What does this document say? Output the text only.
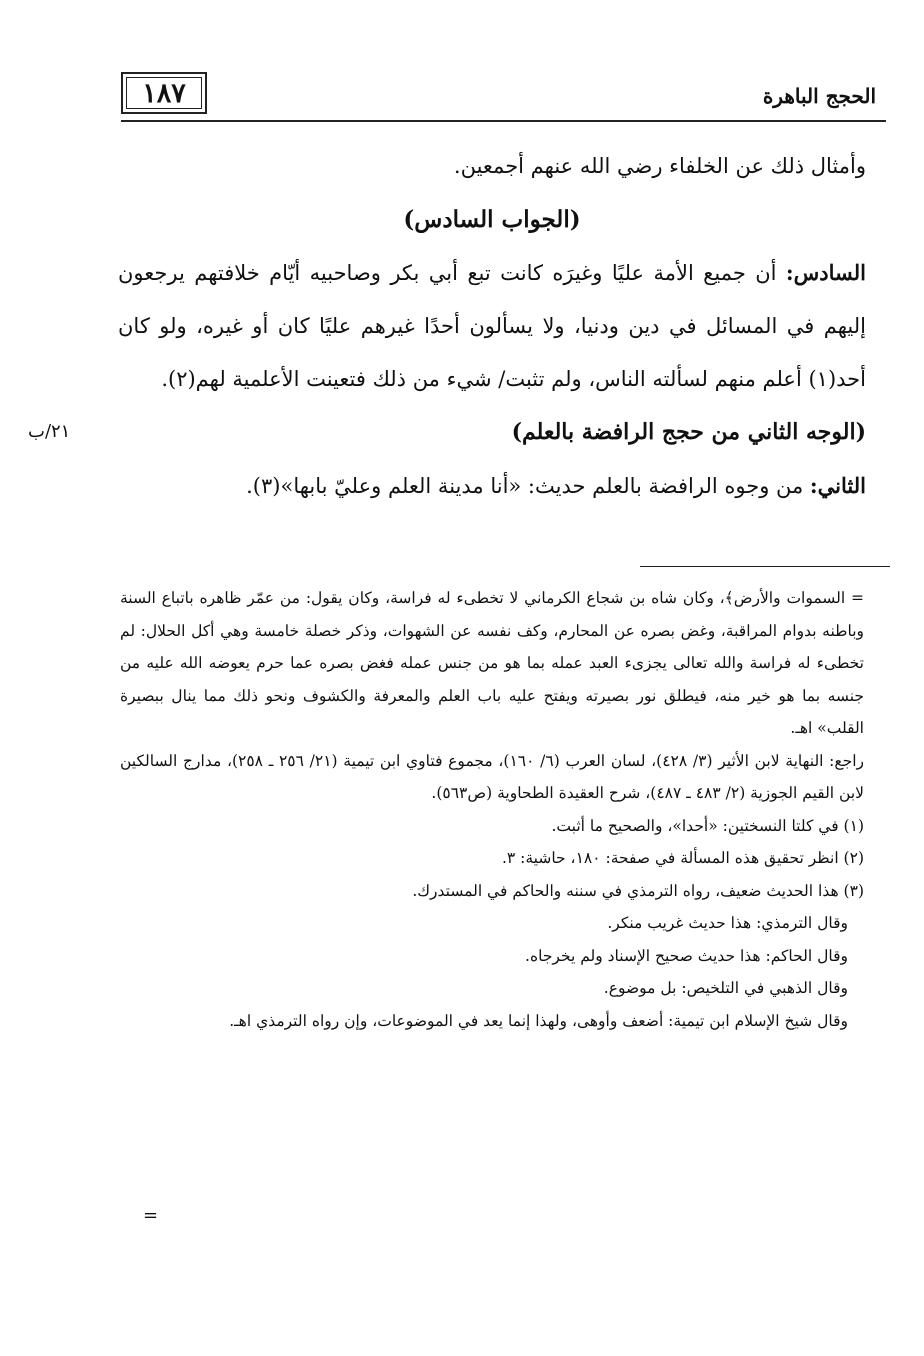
١٨٧	الحجج الباهرة

وأمثال ذلك عن الخلفاء رضي الله عنهم أجمعين.

(الجواب السادس)

السادس: أن جميع الأمة عليًا وغيرَه كانت تبع أبي بكر وصاحبيه أيّام خلافتهم يرجعون إليهم في المسائل في دين ودنيا، ولا يسألون أحدًا غيرهم عليًا كان أو غيره، ولو كان أحد(١) أعلم منهم لسألته الناس، ولم تثبت/ شيء من ذلك فتعينت الأعلمية لهم(٢).

(الوجه الثاني من حجج الرافضة بالعلم)

الثاني: من وجوه الرافضة بالعلم حديث: «أنا مدينة العلم وعليّ بابها»(٣).

٢١/ب

= السموات والأرض﴾، وكان شاه بن شجاع الكرماني لا تخطىء له فراسة، وكان يقول: من عمّر ظاهره باتباع السنة وباطنه بدوام المراقبة، وغض بصره عن المحارم، وكف نفسه عن الشهوات، وذكر خصلة خامسة وهي أكل الحلال: لم تخطىء له فراسة والله تعالى يجزىء العبد عمله بما هو من جنس عمله فغض بصره عما حرم يعوضه الله عليه من جنسه بما هو خير منه، فيطلق نور بصيرته ويفتح عليه باب العلم والمعرفة والكشوف ونحو ذلك مما ينال ببصيرة القلب» اهـ.

راجع: النهاية لابن الأثير (٣/ ٤٢٨)، لسان العرب (٦/ ١٦٠)، مجموع فتاوي ابن تيمية (٢١/ ٢٥٦ ـ ٢٥٨)، مدارج السالكين لابن القيم الجوزية (٢/ ٤٨٣ ـ ٤٨٧)، شرح العقيدة الطحاوية (ص٥٦٣).

(١) في كلتا النسختين: «أحدا»، والصحيح ما أثبت.

(٢) انظر تحقيق هذه المسألة في صفحة: ١٨٠، حاشية: ٣.

(٣) هذا الحديث ضعيف، رواه الترمذي في سننه والحاكم في المستدرك.

وقال الترمذي: هذا حديث غريب منكر.

وقال الحاكم: هذا حديث صحيح الإسناد ولم يخرجاه.

وقال الذهبي في التلخيص: بل موضوع.

وقال شيخ الإسلام ابن تيمية: أضعف وأوهى، ولهذا إنما يعد في الموضوعات، وإن رواه الترمذي اهـ.

=
